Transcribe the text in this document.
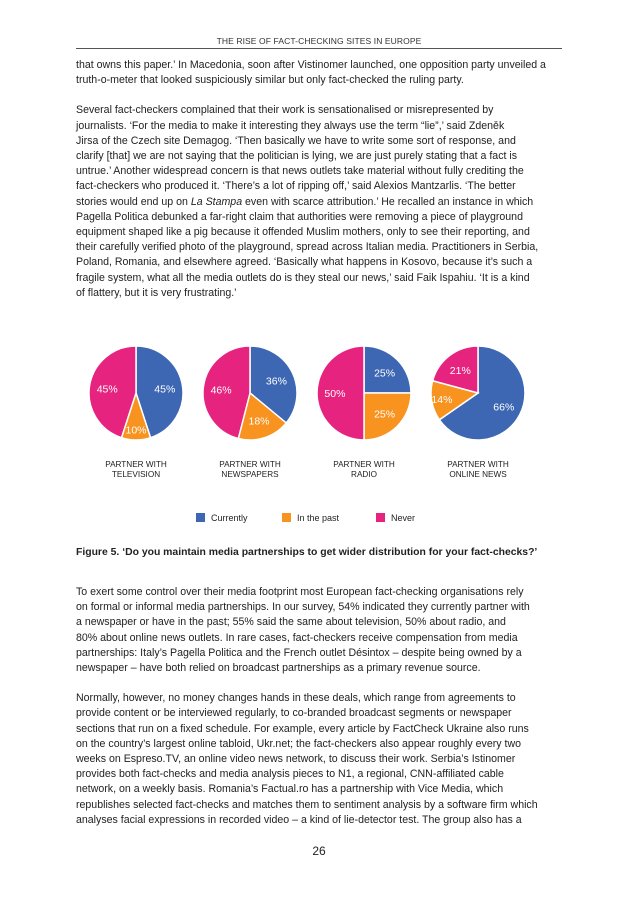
THE RISE OF FACT-CHECKING SITES IN EUROPE

that owns this paper.’ In Macedonia, soon after Vistinomer launched, one opposition party unveiled a
truth-o-meter that looked suspiciously similar but only fact-checked the ruling party.

Several fact-checkers complained that their work is sensationalised or misrepresented by
journalists. ‘For the media to make it interesting they always use the term “lie”,’ said Zdeněk
Jirsa of the Czech site Demagog. ‘Then basically we have to write some sort of response, and
clarify [that] we are not saying that the politician is lying, we are just purely stating that a fact is
untrue.’ Another widespread concern is that news outlets take material without fully crediting the
fact-checkers who produced it. ‘There’s a lot of ripping off,’ said Alexios Mantzarlis. ‘The better
stories would end up on La Stampa even with scarce attribution.’ He recalled an instance in which
Pagella Politica debunked a far-right claim that authorities were removing a piece of playground
equipment shaped like a pig because it offended Muslim mothers, only to see their reporting, and
their carefully verified photo of the playground, spread across Italian media. Practitioners in Serbia,
Poland, Romania, and elsewhere agreed. ‘Basically what happens in Kosovo, because it’s such a
fragile system, what all the media outlets do is they steal our news,’ said Faik Ispahiu. ‘It is a kind
of flattery, but it is very frustrating.’

45%
10%
45%
PARTNER WITH
TELEVISION
36%
18%
46%
PARTNER WITH
NEWSPAPERS
25%
25%
50%
PARTNER WITH
RADIO
66%
14%
21%
PARTNER WITH
ONLINE NEWS
Currently	In the past	Never
Figure 5. ‘Do you maintain media partnerships to get wider distribution for your fact-checks?’

To exert some control over their media footprint most European fact-checking organisations rely
on formal or informal media partnerships. In our survey, 54% indicated they currently partner with
a newspaper or have in the past; 55% said the same about television, 50% about radio, and
80% about online news outlets. In rare cases, fact-checkers receive compensation from media
partnerships: Italy’s Pagella Politica and the French outlet Désintox – despite being owned by a
newspaper – have both relied on broadcast partnerships as a primary revenue source.

Normally, however, no money changes hands in these deals, which range from agreements to
provide content or be interviewed regularly, to co-branded broadcast segments or newspaper
sections that run on a fixed schedule. For example, every article by FactCheck Ukraine also runs
on the country’s largest online tabloid, Ukr.net; the fact-checkers also appear roughly every two
weeks on Espreso.TV, an online video news network, to discuss their work. Serbia’s Istinomer
provides both fact-checks and media analysis pieces to N1, a regional, CNN-affiliated cable
network, on a weekly basis. Romania’s Factual.ro has a partnership with Vice Media, which
republishes selected fact-checks and matches them to sentiment analysis by a software firm which
analyses facial expressions in recorded video – a kind of lie-detector test. The group also has a

26
